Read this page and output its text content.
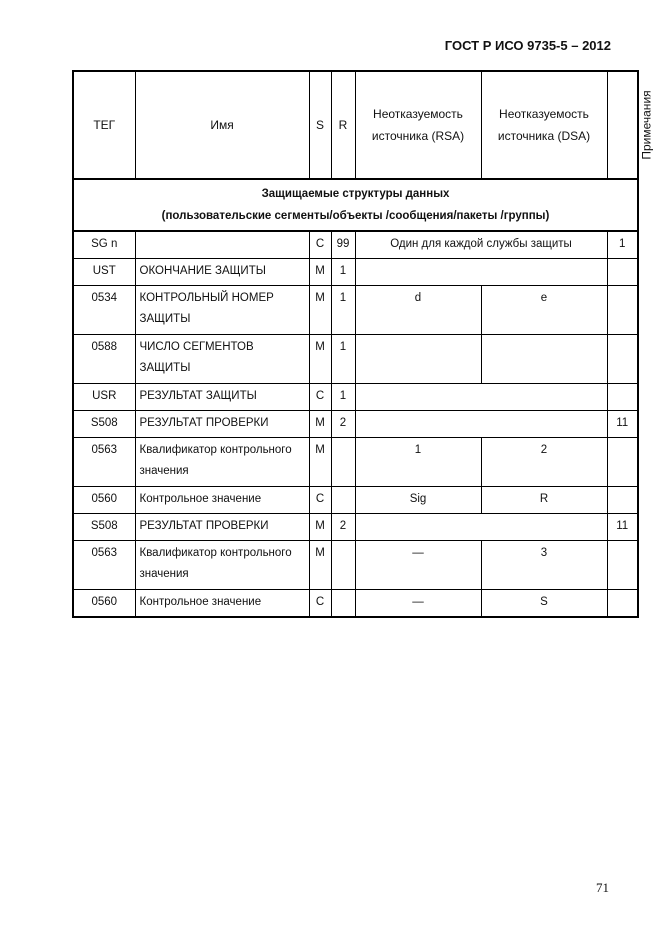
ГОСТ Р ИСО 9735-5 – 2012
ТЕГ	Имя	S	R	Неотказуемость источника (RSA)	Неотказуемость источника (DSA)	Примечания

Защищаемые структуры данных
(пользовательские сегменты/объекты /сообщения/пакеты /группы)						

SG n		C	99	Один для каждой службы защиты		1
UST	ОКОНЧАНИЕ ЗАЩИТЫ	M	1			
0534	КОНТРОЛЬНЫЙ НОМЕР ЗАЩИТЫ	M	1	d	e	
0588	ЧИСЛО СЕГМЕНТОВ ЗАЩИТЫ	M	1			
USR	РЕЗУЛЬТАТ ЗАЩИТЫ	C	1			
S508	РЕЗУЛЬТАТ ПРОВЕРКИ	M	2			11
0563	Квалификатор контрольного значения	M		1	2	
0560	Контрольное значение	C		Sig	R	
S508	РЕЗУЛЬТАТ ПРОВЕРКИ	M	2			11
0563	Квалификатор контрольного значения	M		—	3	
0560	Контрольное значение	C		—	S	
71
